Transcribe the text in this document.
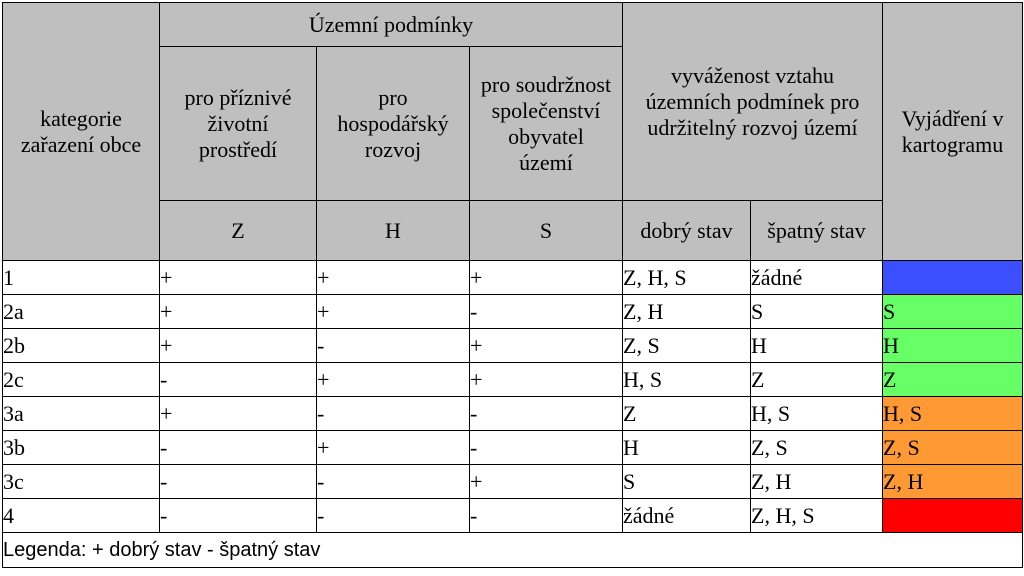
kategorie zařazení obce	Územní podmínky			vyváženost vztahu územních podmínek pro udržitelný rozvoj území		Vyjádření v kartogramu
	pro příznivé životní prostředí	pro hospodářský rozvoj	pro soudržnost společenství obyvatel území			
	Z	H	S	dobrý stav	špatný stav	
1	+	+	+	Z, H, S	žádné	
2a	+	+	-	Z, H	S	S
2b	+	-	+	Z, S	H	H
2c	-	+	+	H, S	Z	Z
3a	+	-	-	Z	H, S	H, S
3b	-	+	-	H	Z, S	Z, S
3c	-	-	+	S	Z, H	Z, H
4	-	-	-	žádné	Z, H, S	
Legenda: + dobrý stav - špatný stav						
